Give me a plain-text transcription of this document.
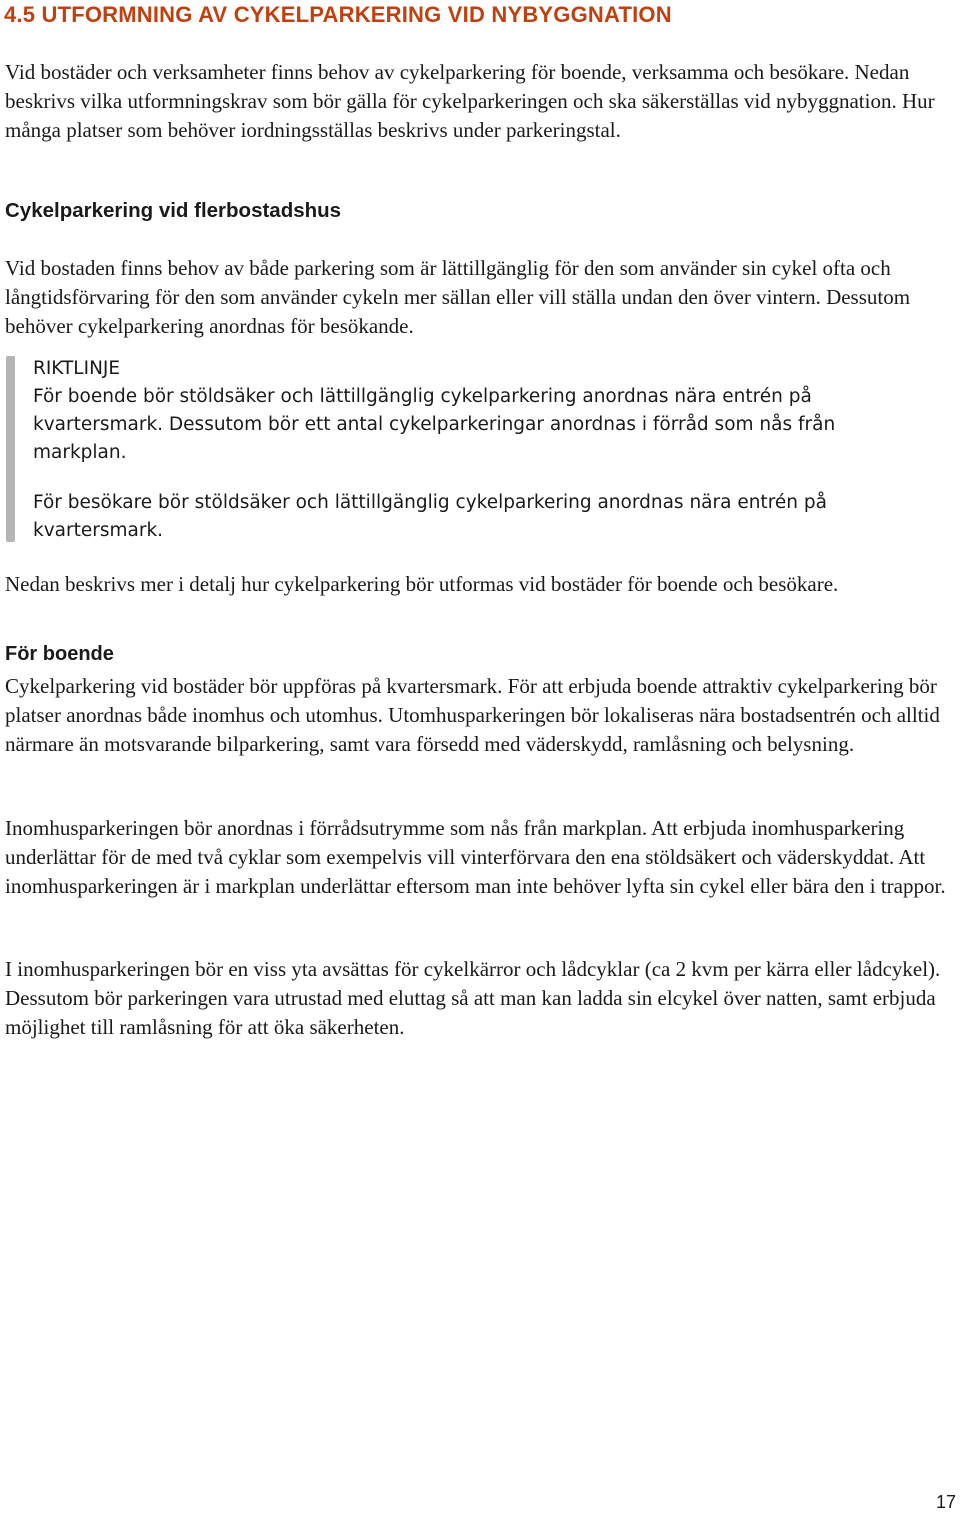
4.5 UTFORMNING AV CYKELPARKERING VID NYBYGGNATION

Vid bostäder och verksamheter finns behov av cykelparkering för boende, verksamma och besökare. Nedan beskrivs vilka utformningskrav som bör gälla för cykelparkeringen och ska säkerställas vid nybyggnation. Hur många platser som behöver iordningsställas beskrivs under parkeringstal.

Cykelparkering vid flerbostadshus

Vid bostaden finns behov av både parkering som är lättillgänglig för den som använder sin cykel ofta och långtidsförvaring för den som använder cykeln mer sällan eller vill ställa undan den över vintern. Dessutom behöver cykelparkering anordnas för besökande.

RIKTLINJE

För boende bör stöldsäker och lättillgänglig cykelparkering anordnas nära entrén på kvartersmark. Dessutom bör ett antal cykelparkeringar anordnas i förråd som nås från markplan.

För besökare bör stöldsäker och lättillgänglig cykelparkering anordnas nära entrén på kvartersmark.

Nedan beskrivs mer i detalj hur cykelparkering bör utformas vid bostäder för boende och besökare.

För boende

Cykelparkering vid bostäder bör uppföras på kvartersmark. För att erbjuda boende attraktiv cykelparkering bör platser anordnas både inomhus och utomhus. Utomhusparkeringen bör lokaliseras nära bostadsentrén och alltid närmare än motsvarande bilparkering, samt vara försedd med väderskydd, ramlåsning och belysning.

Inomhusparkeringen bör anordnas i förrådsutrymme som nås från markplan. Att erbjuda inomhusparkering underlättar för de med två cyklar som exempelvis vill vinterförvara den ena stöldsäkert och väderskyddat. Att inomhusparkeringen är i markplan underlättar eftersom man inte behöver lyfta sin cykel eller bära den i trappor.

I inomhusparkeringen bör en viss yta avsättas för cykelkärror och lådcyklar (ca 2 kvm per kärra eller lådcykel). Dessutom bör parkeringen vara utrustad med eluttag så att man kan ladda sin elcykel över natten, samt erbjuda möjlighet till ramlåsning för att öka säkerheten.

17
